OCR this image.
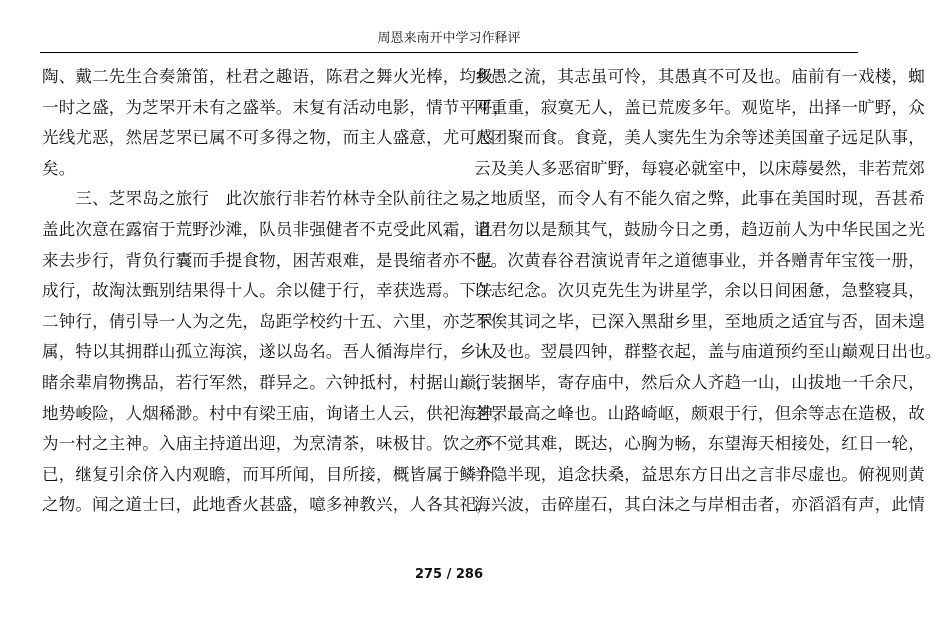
周恩来南开中学习作释评
陶、戴二先生合奏箫笛，杜君之趣语，陈君之舞火光棒，均极
一时之盛，为芝罘开未有之盛举。末复有活动电影，情节平平，
光线尤恶，然居芝罘已属不可多得之物，而主人盛意，尤可感
矣。
　　三、芝罘岛之旅行　此次旅行非若竹林寺全队前往之易，
盖此次意在露宿于荒野沙滩，队员非强健者不克受此风霜，且
来去步行，背负行囊而手提食物，困苦艰难，是畏缩者亦不足
成行，故淘汰甄别结果得十人。余以健于行，幸获选焉。下午
二钟行，倩引导一人为之先，岛距学校约十五、六里，亦芝罘
属，特以其拥群山孤立海滨，遂以岛名。吾人循海岸行，乡人
睹余辈肩物携品，若行军然，群异之。六钟抵村，村据山巅，
地势峻险，人烟稀渺。村中有梁王庙，询诸土人云，供祀海神，
为一村之主神。入庙主持道出迎，为烹清茶，味极甘。饮之不
已，继复引余侪入内观瞻，而耳所闻，目所接，概皆属于鳞介
之物。闻之道士曰，此地香火甚盛，噫多神教兴，人各其祀，
乡愚之流，其志虽可怜，其愚真不可及也。庙前有一戏楼，蜘
网重重，寂寞无人，盖已荒废多年。观览毕，出择一旷野，众
人团聚而食。食竟，美人窦先生为余等述美国童子远足队事，
云及美人多恶宿旷野，每寝必就室中，以床蓐晏然，非若荒郊
之地质坚，而令人有不能久宿之弊，此事在美国时现，吾甚希
诸君勿以是颓其气，鼓励今日之勇，趋迈前人为中华民国之光
也。次黄春谷君演说青年之道德事业，并各赠青年宝筏一册，
以志纪念。次贝克先生为讲星学，余以日间困惫，急整寝具，
不俟其词之毕，已深入黑甜乡里，至地质之适宜与否，固未遑
计及也。翌晨四钟，群整衣起，盖与庙道预约至山巅观日出也。
行装捆毕，寄存庙中，然后众人齐趋一山，山拔地一千余尺，
芝罘最高之峰也。山路崎岖，颇艰于行，但余等志在造极，故
亦不觉其难，既达，心胸为畅，东望海天相接处，红日一轮，
半隐半现，追念扶桑，益思东方日出之言非尽虚也。俯视则黄
海兴波，击碎崖石，其白沫之与岸相击者，亦滔滔有声，此情
275 / 286
